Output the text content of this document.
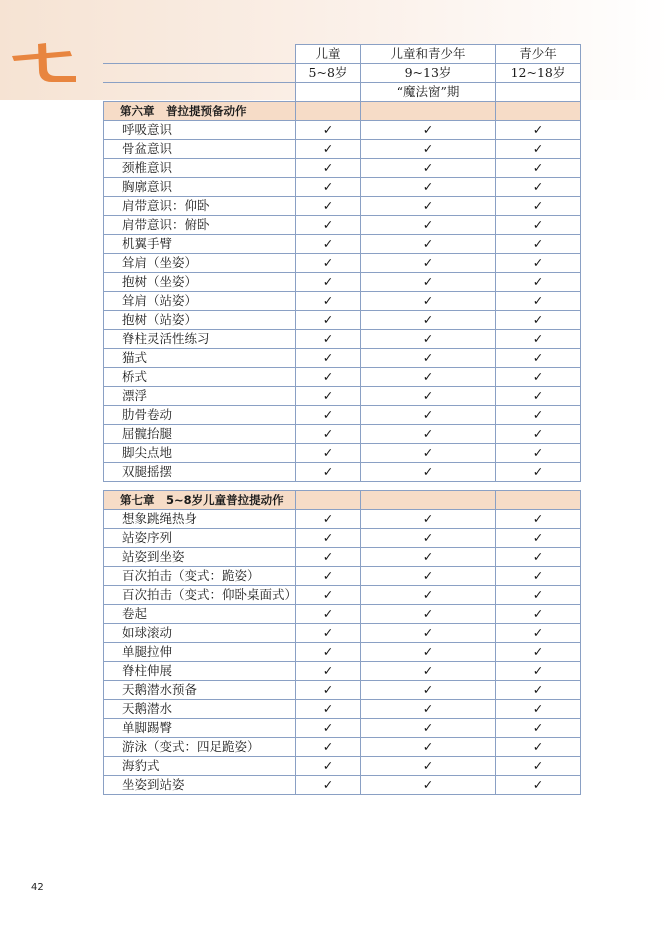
	儿童	儿童和青少年	青少年
	5~8岁	9~13岁	12~18岁
		“魔法窗”期	
第六章　普拉提预备动作			
呼吸意识	✓	✓	✓
骨盆意识	✓	✓	✓
颈椎意识	✓	✓	✓
胸廓意识	✓	✓	✓
肩带意识：仰卧	✓	✓	✓
肩带意识：俯卧	✓	✓	✓
机翼手臂	✓	✓	✓
耸肩（坐姿）	✓	✓	✓
抱树（坐姿）	✓	✓	✓
耸肩（站姿）	✓	✓	✓
抱树（站姿）	✓	✓	✓
脊柱灵活性练习	✓	✓	✓
猫式	✓	✓	✓
桥式	✓	✓	✓
漂浮	✓	✓	✓
肋骨卷动	✓	✓	✓
屈髋抬腿	✓	✓	✓
脚尖点地	✓	✓	✓
双腿摇摆	✓	✓	✓
第七章　5~8岁儿童普拉提动作			
想象跳绳热身	✓	✓	✓
站姿序列	✓	✓	✓
站姿到坐姿	✓	✓	✓
百次拍击（变式：跪姿）	✓	✓	✓
百次拍击（变式：仰卧桌面式）	✓	✓	✓
卷起	✓	✓	✓
如球滚动	✓	✓	✓
单腿拉伸	✓	✓	✓
脊柱伸展	✓	✓	✓
天鹅潜水预备	✓	✓	✓
天鹅潜水	✓	✓	✓
单脚踢臀	✓	✓	✓
游泳（变式：四足跪姿）	✓	✓	✓
海豹式	✓	✓	✓
坐姿到站姿	✓	✓	✓
42
